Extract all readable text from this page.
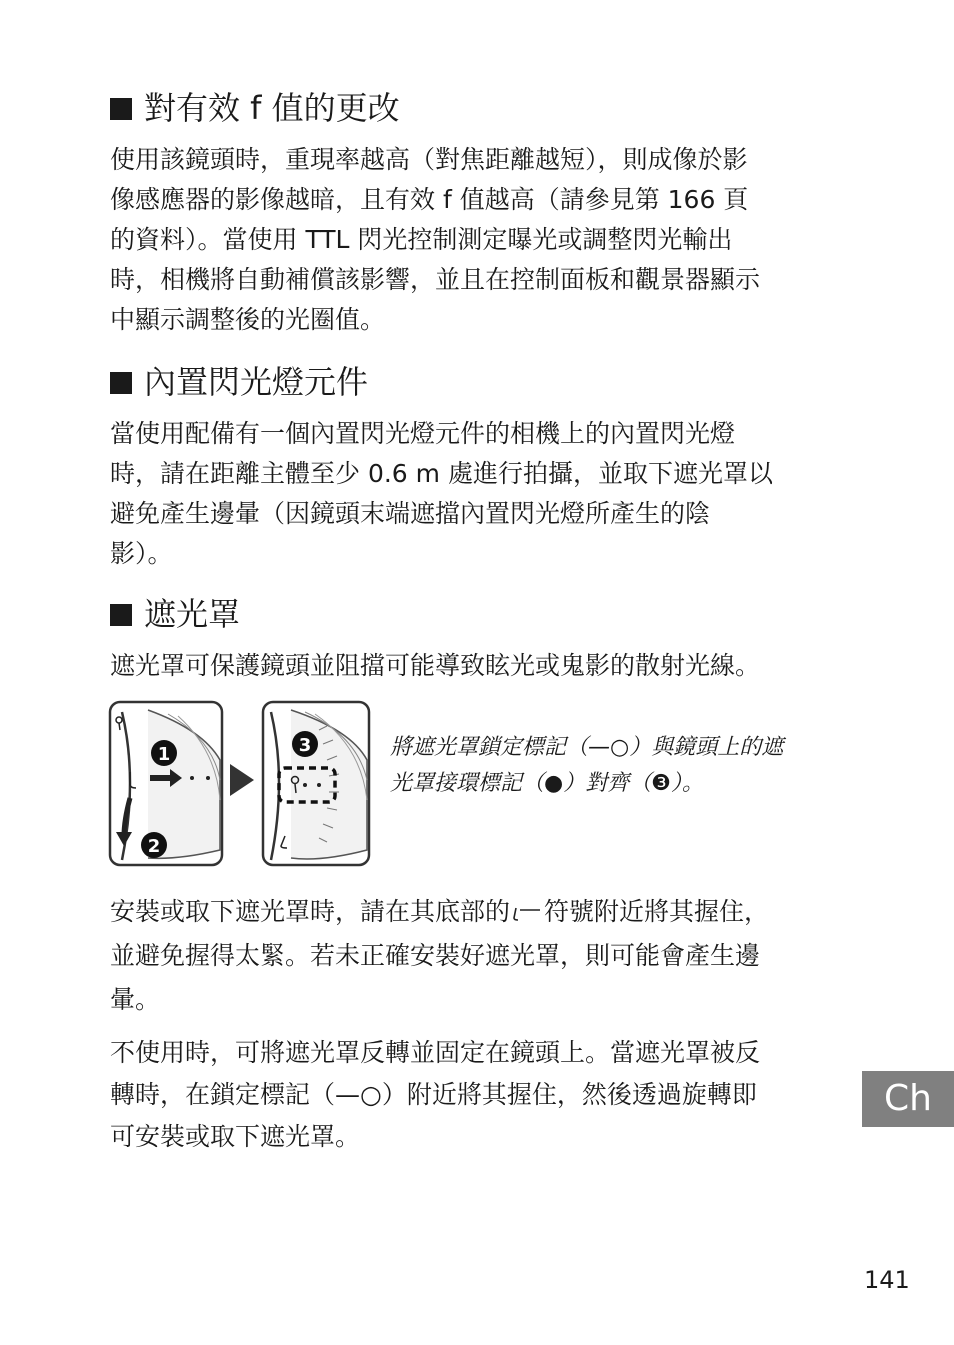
對有效 f 值的更改

使用該鏡頭時，重現率越高（對焦距離越短），則成像於影
像感應器的影像越暗，且有效 f 值越高（請參見第 166 頁
的資料）。當使用 TTL 閃光控制測定曝光或調整閃光輸出
時，相機將自動補償該影響，並且在控制面板和觀景器顯示
中顯示調整後的光圈值。

內置閃光燈元件

當使用配備有一個內置閃光燈元件的相機上的內置閃光燈
時，請在距離主體至少 0.6 m 處進行拍攝，並取下遮光罩以
避免產生邊暈（因鏡頭末端遮擋內置閃光燈所產生的陰
影）。

遮光罩

遮光罩可保護鏡頭並阻擋可能導致眩光或鬼影的散射光線。

1
2
3	將遮光罩鎖定標記（—○）與鏡頭上的遮
光罩接環標記（●）對齊（❸）。

安裝或取下遮光罩時，請在其底部的 符號附近將其握住，
並避免握得太緊。若未正確安裝好遮光罩，則可能會產生邊
暈。

不使用時，可將遮光罩反轉並固定在鏡頭上。當遮光罩被反
轉時，在鎖定標記（—○）附近將其握住，然後透過旋轉即
可安裝或取下遮光罩。

Ch
141
